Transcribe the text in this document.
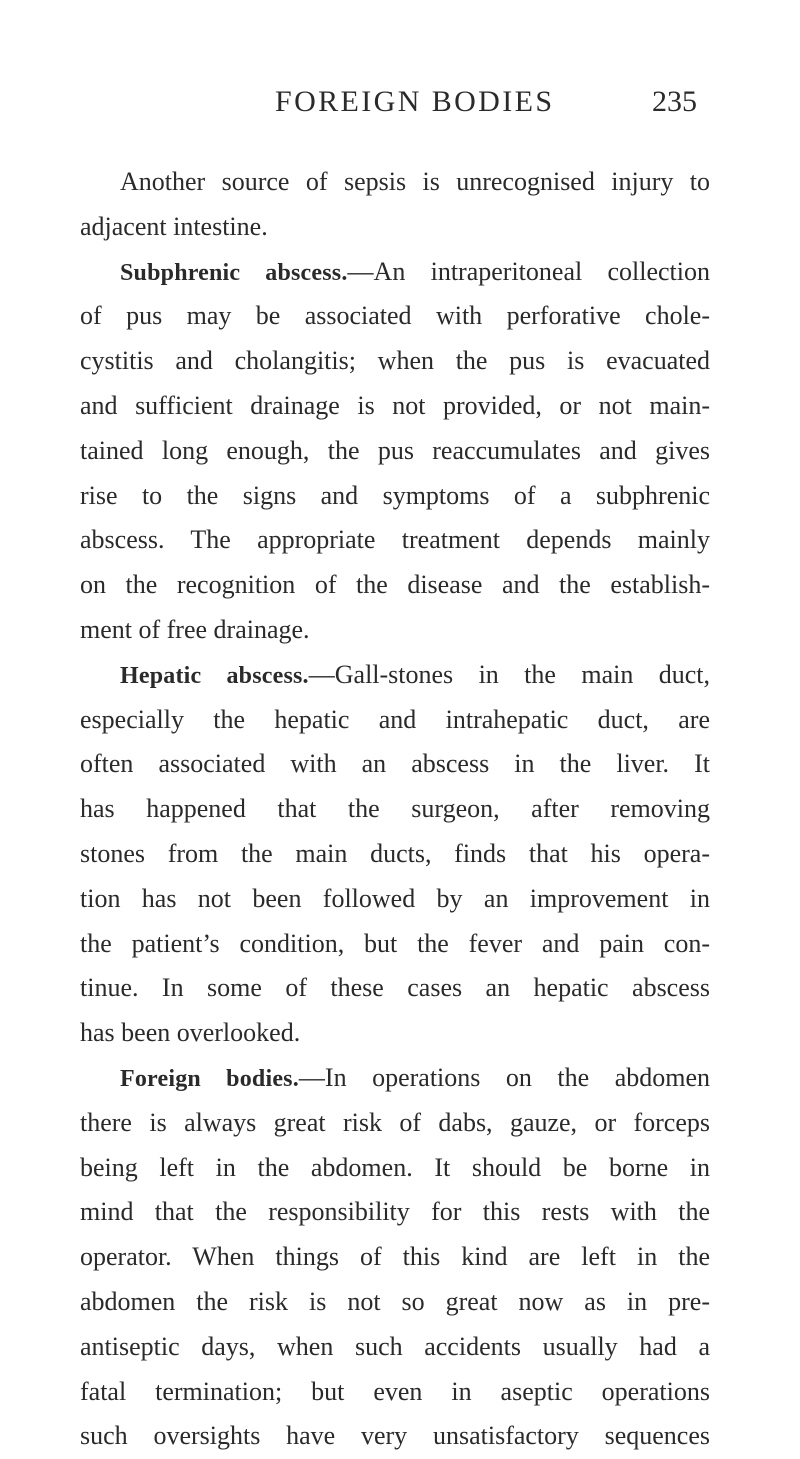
FOREIGN BODIES	235
Another source of sepsis is unrecognised injury to
adjacent intestine.
Subphrenic abscess.—An intraperitoneal collection
of pus may be associated with perforative chole-
cystitis and cholangitis; when the pus is evacuated
and sufficient drainage is not provided, or not main-
tained long enough, the pus reaccumulates and gives
rise to the signs and symptoms of a subphrenic
abscess. The appropriate treatment depends mainly
on the recognition of the disease and the establish-
ment of free drainage.
Hepatic abscess.—Gall-stones in the main duct,
especially the hepatic and intrahepatic duct, are
often associated with an abscess in the liver. It
has happened that the surgeon, after removing
stones from the main ducts, finds that his opera-
tion has not been followed by an improvement in
the patient’s condition, but the fever and pain con-
tinue. In some of these cases an hepatic abscess
has been overlooked.
Foreign bodies.—In operations on the abdomen
there is always great risk of dabs, gauze, or forceps
being left in the abdomen. It should be borne in
mind that the responsibility for this rests with the
operator. When things of this kind are left in the
abdomen the risk is not so great now as in pre-
antiseptic days, when such accidents usually had a
fatal termination; but even in aseptic operations
such oversights have very unsatisfactory sequences
